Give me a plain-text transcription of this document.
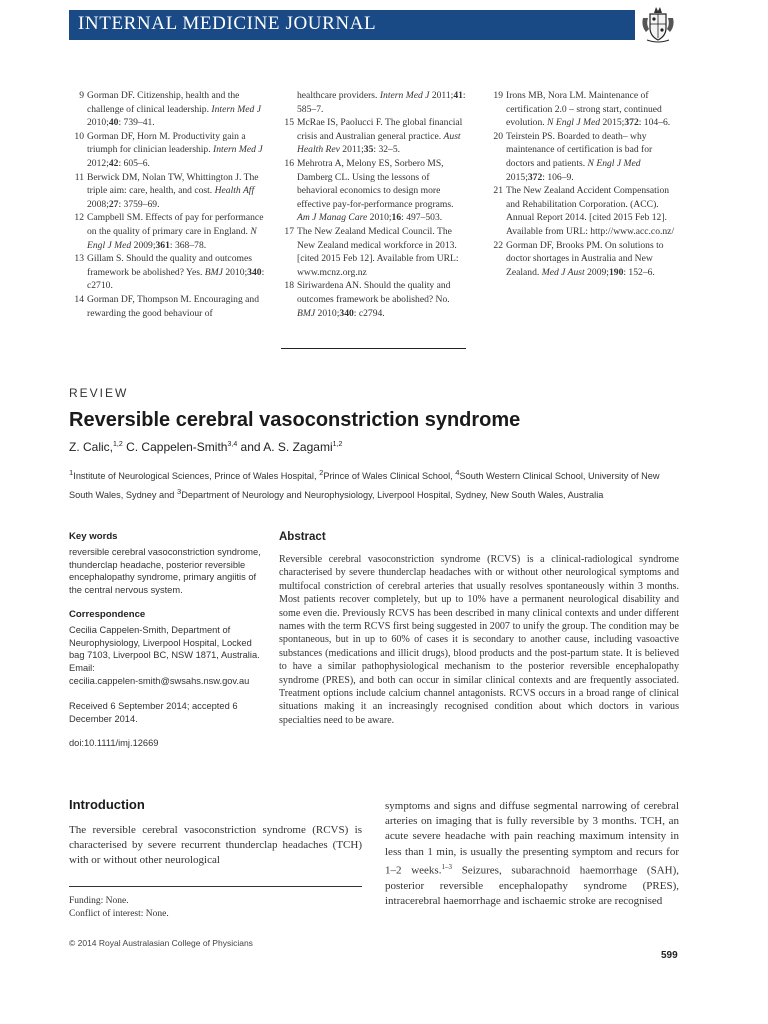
INTERNAL MEDICINE JOURNAL
9 Gorman DF. Citizenship, health and the challenge of clinical leadership. Intern Med J 2010;40: 739–41.
10 Gorman DF, Horn M. Productivity gain a triumph for clinician leadership. Intern Med J 2012;42: 605–6.
11 Berwick DM, Nolan TW, Whittington J. The triple aim: care, health, and cost. Health Aff 2008;27: 3759–69.
12 Campbell SM. Effects of pay for performance on the quality of primary care in England. N Engl J Med 2009;361: 368–78.
13 Gillam S. Should the quality and outcomes framework be abolished? Yes. BMJ 2010;340: c2710.
14 Gorman DF, Thompson M. Encouraging and rewarding the good behaviour of
healthcare providers. Intern Med J 2011;41: 585–7.
15 McRae IS, Paolucci F. The global financial crisis and Australian general practice. Aust Health Rev 2011;35: 32–5.
16 Mehrotra A, Melony ES, Sorbero MS, Damberg CL. Using the lessons of behavioral economics to design more effective pay-for-performance programs. Am J Manag Care 2010;16: 497–503.
17 The New Zealand Medical Council. The New Zealand medical workforce in 2013. [cited 2015 Feb 12]. Available from URL: www.mcnz.org.nz
18 Siriwardena AN. Should the quality and outcomes framework be abolished? No. BMJ 2010;340: c2794.
19 Irons MB, Nora LM. Maintenance of certification 2.0 – strong start, continued evolution. N Engl J Med 2015;372: 104–6.
20 Teirstein PS. Boarded to death– why maintenance of certification is bad for doctors and patients. N Engl J Med 2015;372: 106–9.
21 The New Zealand Accident Compensation and Rehabilitation Corporation. (ACC). Annual Report 2014. [cited 2015 Feb 12]. Available from URL: http://www.acc.co.nz/
22 Gorman DF, Brooks PM. On solutions to doctor shortages in Australia and New Zealand. Med J Aust 2009;190: 152–6.
REVIEW
Reversible cerebral vasoconstriction syndrome
Z. Calic,$^{1,2}$ C. Cappelen-Smith$^{3,4}$ and A. S. Zagami$^{1,2}$
$^1$Institute of Neurological Sciences, Prince of Wales Hospital, $^2$Prince of Wales Clinical School, $^4$South Western Clinical School, University of New South Wales, Sydney and $^3$Department of Neurology and Neurophysiology, Liverpool Hospital, Sydney, New South Wales, Australia
Key words
reversible cerebral vasoconstriction syndrome, thunderclap headache, posterior reversible encephalopathy syndrome, primary angiitis of the central nervous system.
Correspondence
Cecilia Cappelen-Smith, Department of Neurophysiology, Liverpool Hospital, Locked bag 7103, Liverpool BC, NSW 1871, Australia.
Email:
cecilia.cappelen-smith@swsahs.nsw.gov.au
Received 6 September 2014; accepted 6 December 2014.
doi:10.1111/imj.12669
Abstract
Reversible cerebral vasoconstriction syndrome (RCVS) is a clinical-radiological syndrome characterised by severe thunderclap headaches with or without other neurological symptoms and multifocal constriction of cerebral arteries that usually resolves spontaneously within 3 months. Most patients recover completely, but up to 10% have a permanent neurological disability and some even die. Previously RCVS has been described in many clinical contexts and under different names with the term RCVS first being suggested in 2007 to unify the group. The condition may be spontaneous, but in up to 60% of cases it is secondary to another cause, including vasoactive substances (medications and illicit drugs), blood products and the post-partum state. It is believed to have a similar pathophysiological mechanism to the posterior reversible encephalopathy syndrome (PRES), and both can occur in similar clinical contexts and are frequently associated. Treatment options include calcium channel antagonists. RCVS occurs in a broad range of clinical situations making it an increasingly recognised condition about which doctors in various specialties need to be aware.
Introduction
The reversible cerebral vasoconstriction syndrome (RCVS) is characterised by severe recurrent thunderclap headaches (TCH) with or without other neurological
symptoms and signs and diffuse segmental narrowing of cerebral arteries on imaging that is fully reversible by 3 months. TCH, an acute severe headache with pain reaching maximum intensity in less than 1 min, is usually the presenting symptom and recurs for 1–2 weeks.$^{1-3}$ Seizures, subarachnoid haemorrhage (SAH), posterior reversible encephalopathy syndrome (PRES), intracerebral haemorrhage and ischaemic stroke are recognised
Funding: None.
Conflict of interest: None.
© 2014 Royal Australasian College of Physicians
599
